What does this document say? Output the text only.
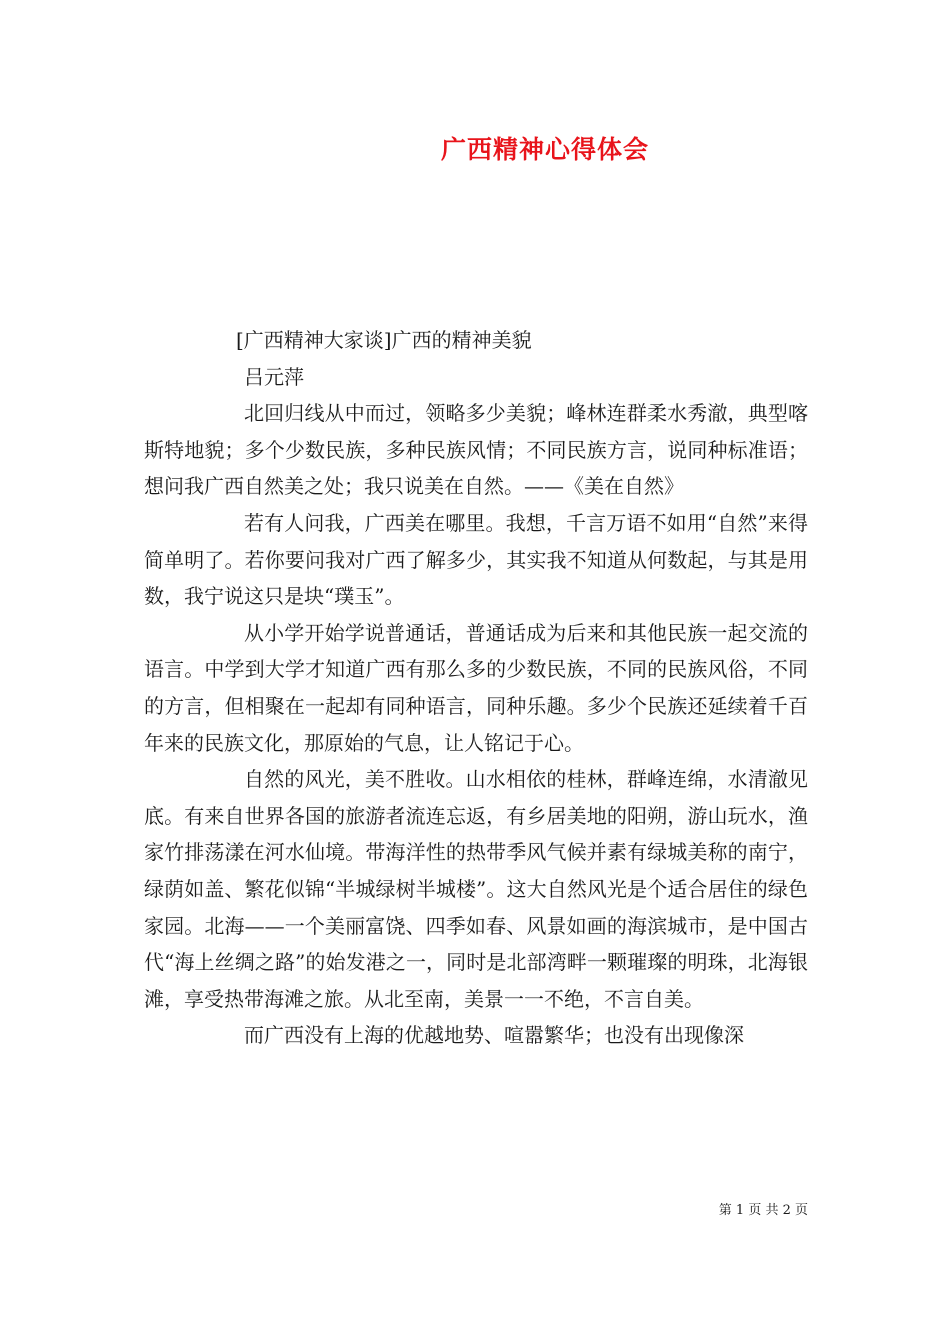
广西精神心得体会

[广西精神大家谈]广西的精神美貌

吕元萍

北回归线从中而过，领略多少美貌；峰林连群柔水秀澈，典型喀斯特地貌；多个少数民族，多种民族风情；不同民族方言，说同种标准语；想问我广西自然美之处；我只说美在自然。——《美在自然》

若有人问我，广西美在哪里。我想，千言万语不如用“自然”来得简单明了。若你要问我对广西了解多少，其实我不知道从何数起，与其是用数，我宁说这只是块“璞玉”。

从小学开始学说普通话，普通话成为后来和其他民族一起交流的语言。中学到大学才知道广西有那么多的少数民族，不同的民族风俗，不同的方言，但相聚在一起却有同种语言，同种乐趣。多少个民族还延续着千百年来的民族文化，那原始的气息，让人铭记于心。

自然的风光，美不胜收。山水相依的桂林，群峰连绵，水清澈见底。有来自世界各国的旅游者流连忘返，有乡居美地的阳朔，游山玩水，渔家竹排荡漾在河水仙境。带海洋性的热带季风气候并素有绿城美称的南宁，绿荫如盖、繁花似锦“半城绿树半城楼”。这大自然风光是个适合居住的绿色家园。北海——一个美丽富饶、四季如春、风景如画的海滨城市，是中国古代“海上丝绸之路”的始发港之一，同时是北部湾畔一颗璀璨的明珠，北海银滩，享受热带海滩之旅。从北至南，美景一一不绝，不言自美。

而广西没有上海的优越地势、喧嚣繁华；也没有出现像深

第 1 页 共 2 页
